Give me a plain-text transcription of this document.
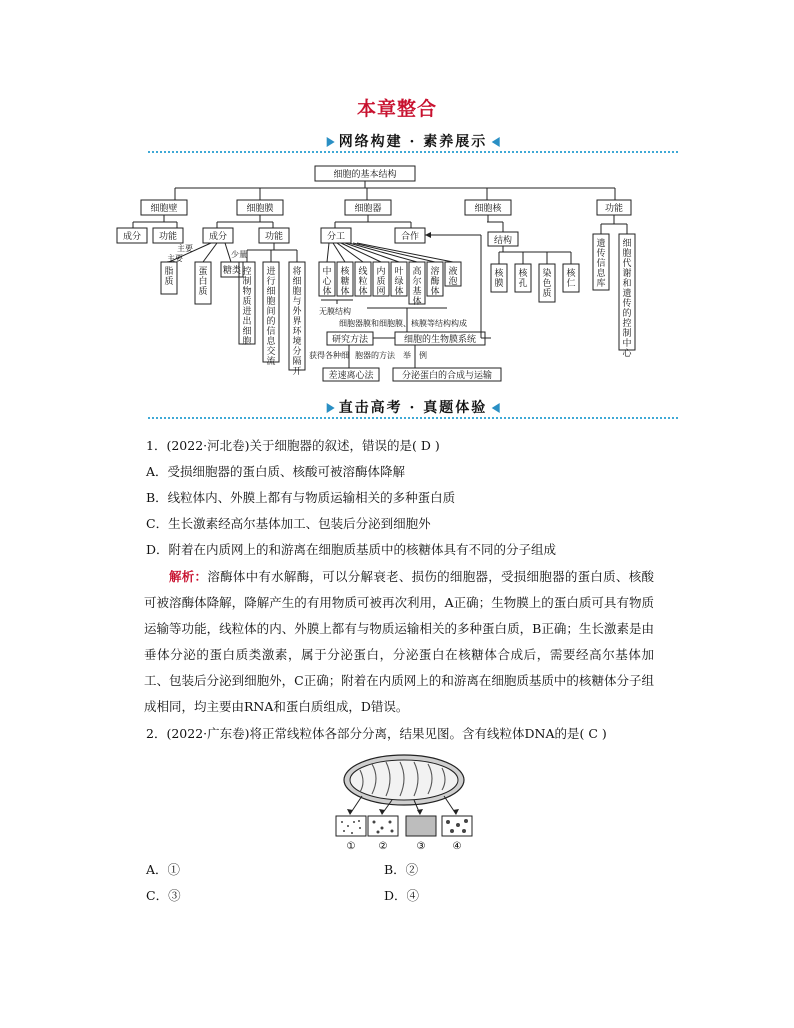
本章整合
网络构建 · 素养展示
细胞的基本结构
细胞壁	细胞膜	细胞器	细胞核	功能
成分 功能	成分	功能	分工	合作	结构
主要
主要	少量
糖类
举　例
获得各种细 胞器的方法
无膜结构
细胞器膜和细胞膜、核膜等结构构成
研究方法	细胞的生物膜系统
差速离心法	分泌蛋白的合成与运输
脂质
蛋白质
控制物质进出细胞
进行细胞间的信息交流
将细胞与外界环境分隔开
中心体
核糖体
线粒体
内质网
叶绿体
高尔基体
溶酶体
液泡
核膜
核孔
染色质
核仁
遗传信息库
细胞代谢和遗传的控制中心
直击高考 · 真题体验
1．(2022·河北卷)关于细胞器的叙述，错误的是( D )
A．受损细胞器的蛋白质、核酸可被溶酶体降解
B．线粒体内、外膜上都有与物质运输相关的多种蛋白质
C．生长激素经高尔基体加工、包装后分泌到细胞外
D．附着在内质网上的和游离在细胞质基质中的核糖体具有不同的分子组成
解析：溶酶体中有水解酶，可以分解衰老、损伤的细胞器，受损细胞器的蛋白质、核酸可被溶酶体降解，降解产生的有用物质可被再次利用，A正确；生物膜上的蛋白质可具有物质运输等功能，线粒体的内、外膜上都有与物质运输相关的多种蛋白质，B正确；生长激素是由垂体分泌的蛋白质类激素，属于分泌蛋白，分泌蛋白在核糖体合成后，需要经高尔基体加工、包装后分泌到细胞外，C正确；附着在内质网上的和游离在细胞质基质中的核糖体分子组成相同，均主要由RNA和蛋白质组成，D错误。
2．(2022·广东卷)将正常线粒体各部分分离，结果见图。含有线粒体DNA的是( C )
① ②	③	④
A．①	B．②
C．③	D．④
